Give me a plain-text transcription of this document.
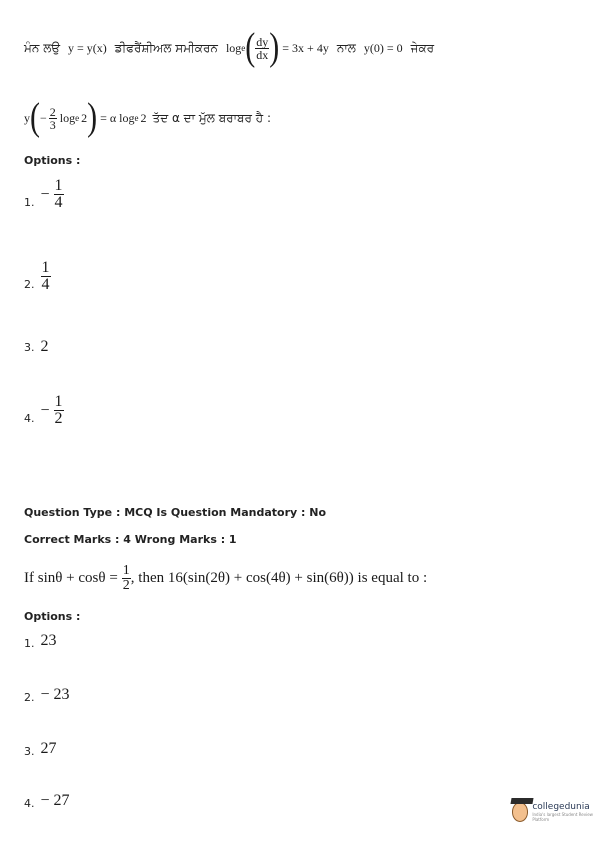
ਮੰਨ ਲਉ y = y(x) ਡੀਫਰੈਂਸ਼ੀਅਲ ਸਮੀਕਰਨ log e ( $\frac{dy}{dx}$ ) = 3x + 4y ਨਾਲ y(0) = 0 ਜੇਕਰ
y ( − $\frac{2}{3}$ log e 2 ) = α log e 2 ਤੱਦ α ਦਾ ਮੁੱਲ ਬਰਾਬਰ ਹੈ :
Options :
1. − $\frac{1}{4}$
2. $\frac{1}{4}$
3. 2
4. − $\frac{1}{2}$
Question Type : MCQ Is Question Mandatory : No
Correct Marks : 4 Wrong Marks : 1
If $\sin\theta + \cos\theta = \frac{1}{2}$ , then 16(sin(2θ) + cos(4θ) + sin(6θ)) is equal to :
Options :
1. 23
2. − 23
3. 27
4. − 27	collegedunia
India's largest Student Review Platform
